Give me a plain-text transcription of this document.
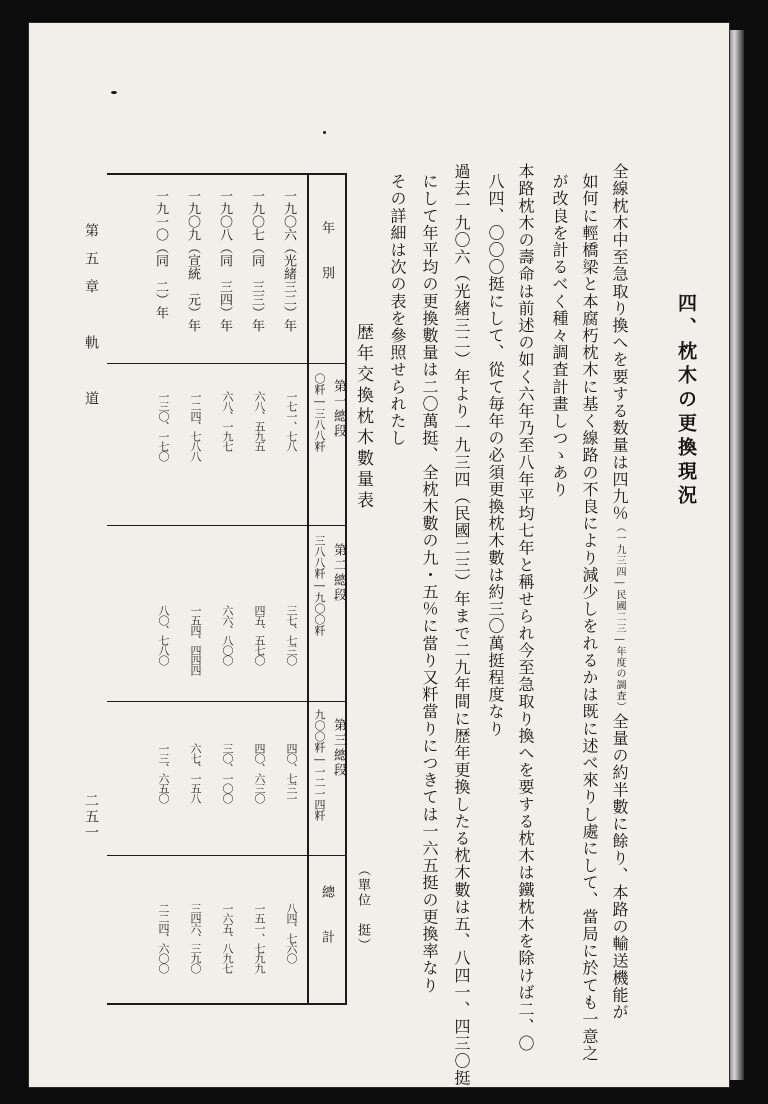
四、枕木の更換現況
全線枕木中至急取り換へを要する数量は四九％（一九三四―民國二三―年度の調査）全量の約半數に餘り、本路の輸送機能が
如何に輕橋梁と本腐朽枕木に基く線路の不良により減少しをれるかは既に述べ來りし處にして、當局に於ても一意之
が改良を計るべく種々調査計畫しつゝあり
本路枕木の壽命は前述の如く六年乃至八年平均七年と稱せられ今至急取り換へを要する枕木は鐵枕木を除けば二、〇
八四、〇〇〇挺にして、從て毎年の必須更換枕木數は約三〇萬挺程度なり
過去一九〇六（光緒三二）年より一九三四（民國二三）年まで二九年間に歴年更換したる枕木數は五、八四一、四三〇挺
にして年平均の更換數量は二〇萬挺、全枕木數の九・五％に當り又粁當りにつきては一六五挺の更換率なり
その詳細は次の表を參照せられたし
歴年交換枕木數量表
（單位　挺）
年　　別
第一總段
〇粁―三八八粁
第二總段
三八八粁―九〇〇粁
第三總段
九〇〇粁―一二一四粁
總　　計
一九〇六（光緒三二）年
一七一、七八
三七、七三〇
四〇、七三一
八四、七六〇
一九〇七（同　三三）年
六八、五九五
四五、五七〇
四〇、六三〇
一五一、七九九
一九〇八（同　三四）年
六八、一九七
六六、八〇〇
三〇、一〇〇
一六五、八九七
一九〇九（宣統　元）年
一二四、七八八
一五四、四四四
六七、一五八
三四六、三九〇
一九一〇（同　二）年
一三〇、一七〇
八〇、七八〇
一三、六五〇
二二四、六〇〇
第五章　軌　道
二五一
